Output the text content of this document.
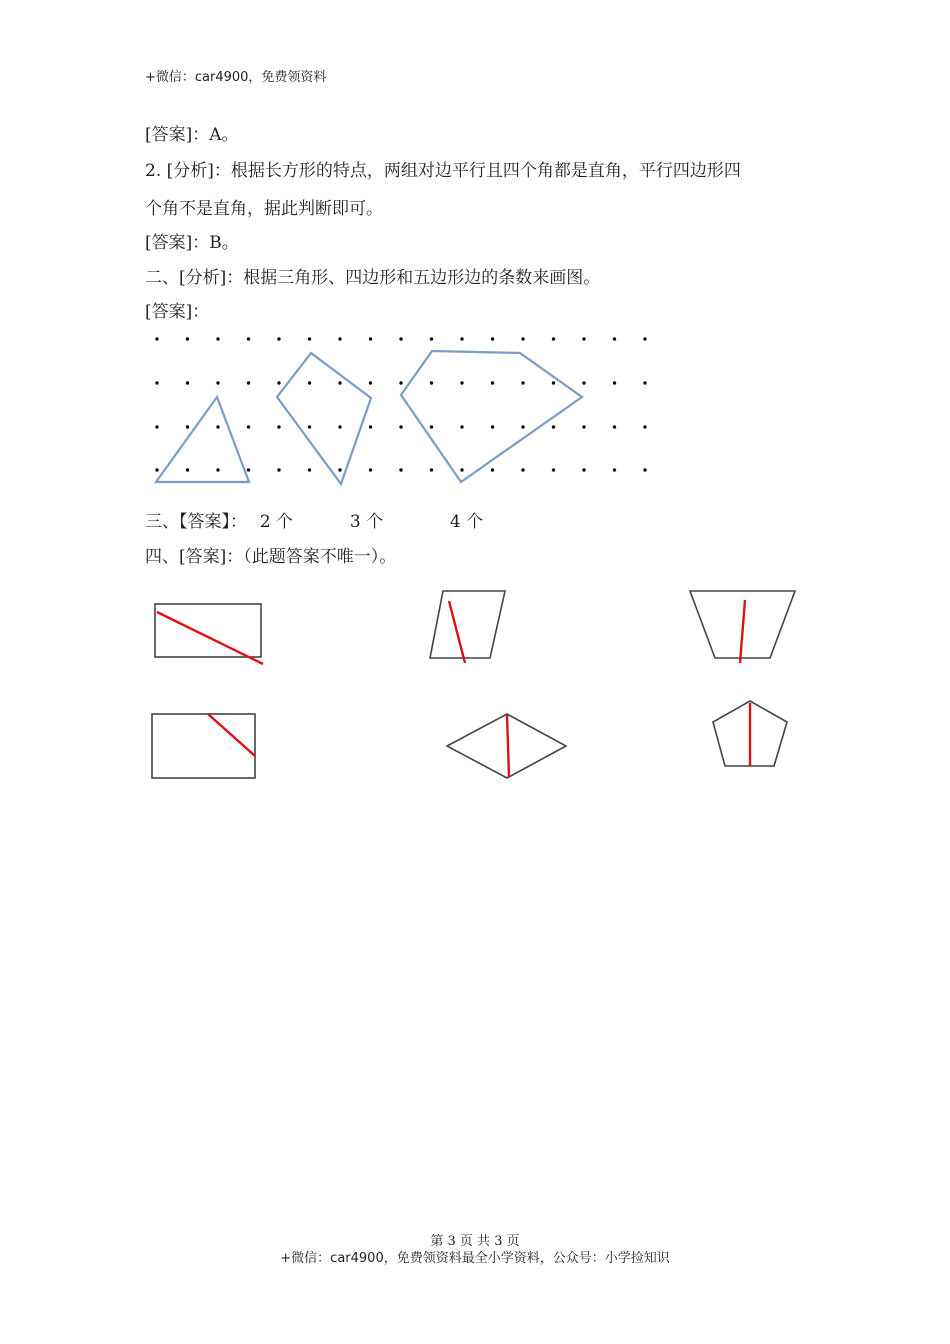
+微信：car4900，免费领资料
[答案]：A。
2. [分析]：根据长方形的特点，两组对边平行且四个角都是直角，平行四边形四
个角不是直角，据此判断即可。
[答案]：B。
二、[分析]：根据三角形、四边形和五边形边的条数来画图。
[答案]：
三、【答案】： 2 个	3 个	4 个
四、[答案]：（此题答案不唯一）。
第 3 页 共 3 页
+微信：car4900，免费领资料最全小学资料，公众号：小学捡知识
